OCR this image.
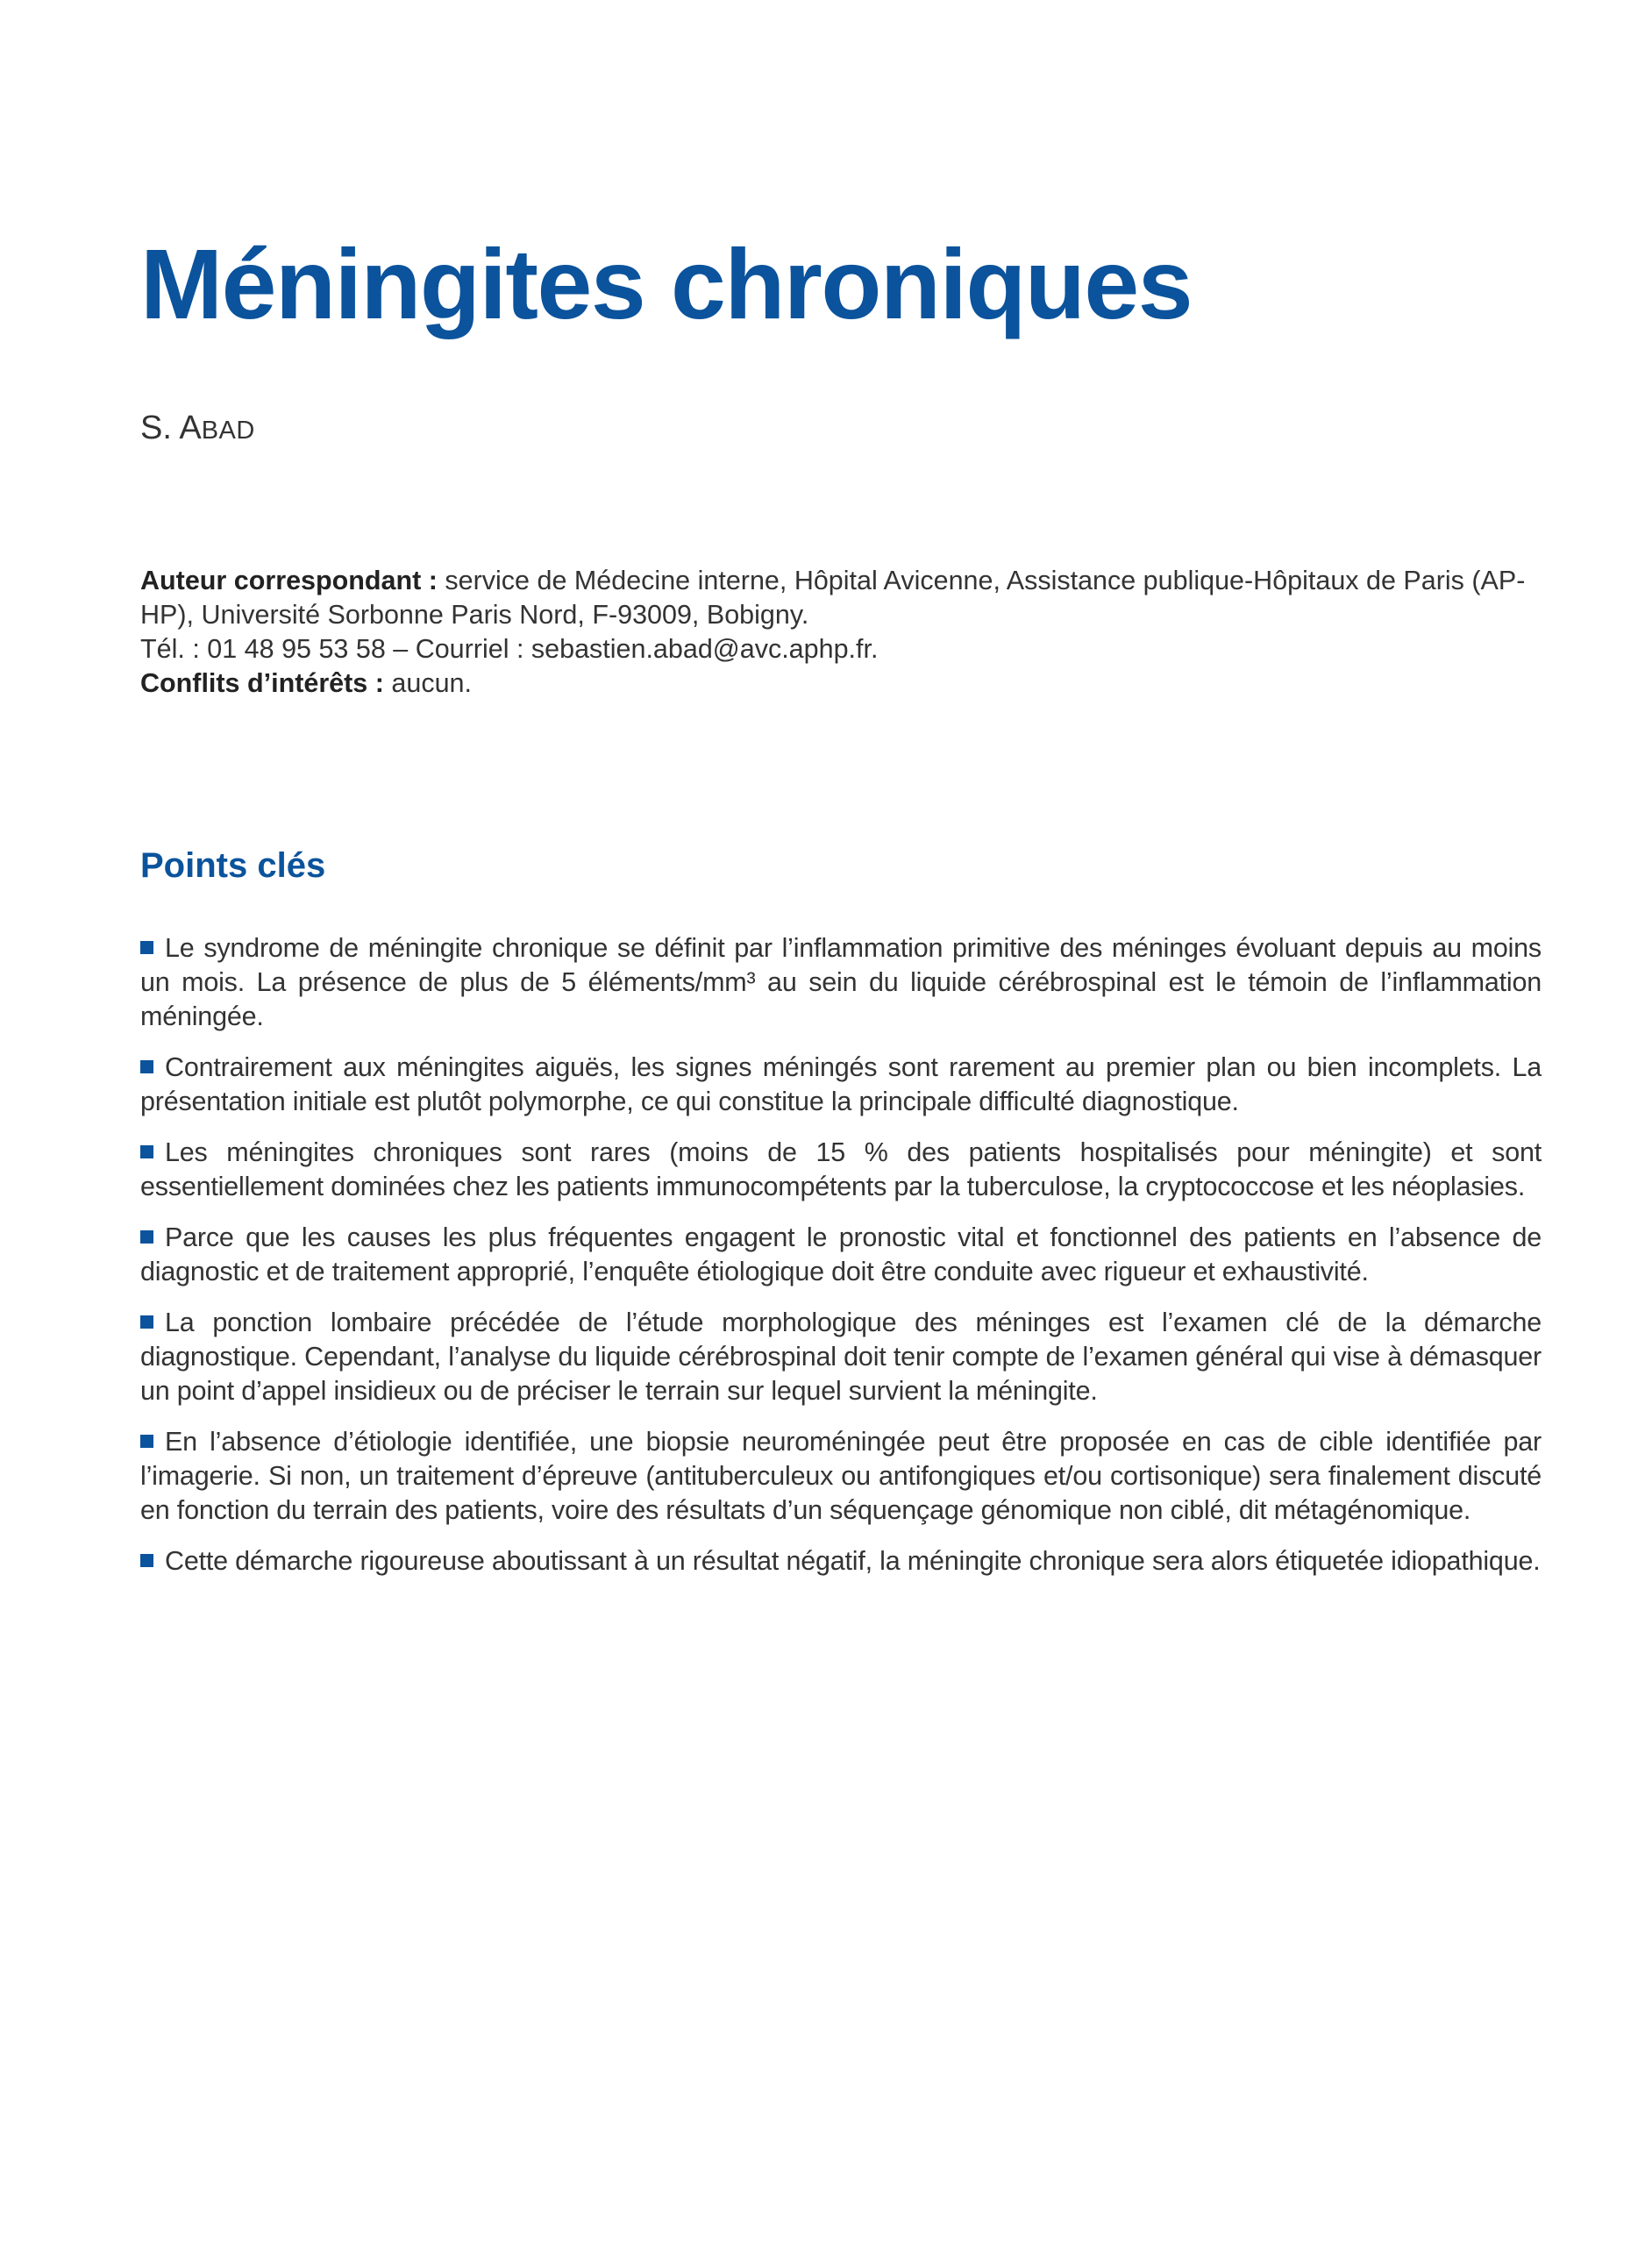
Méningites chroniques

S. ABAD

Auteur correspondant : service de Médecine interne, Hôpital Avicenne, Assistance publique-Hôpitaux de Paris (AP-HP), Université Sorbonne Paris Nord, F-93009, Bobigny.

Tél. : 01 48 95 53 58 – Courriel : sebastien.abad@avc.aphp.fr.

Conflits d’intérêts : aucun.

Points clés
Le syndrome de méningite chronique se définit par l’inflammation primitive des méninges évoluant depuis au moins un mois. La présence de plus de 5 éléments/mm³ au sein du liquide cérébrospinal est le témoin de l’inflammation méningée.
Contrairement aux méningites aiguës, les signes méningés sont rarement au premier plan ou bien incomplets. La présentation initiale est plutôt polymorphe, ce qui constitue la principale difficulté diagnostique.
Les méningites chroniques sont rares (moins de 15 % des patients hospitalisés pour méningite) et sont essentiellement dominées chez les patients immunocompétents par la tuberculose, la cryptococcose et les néoplasies.
Parce que les causes les plus fréquentes engagent le pronostic vital et fonctionnel des patients en l’absence de diagnostic et de traitement approprié, l’enquête étiologique doit être conduite avec rigueur et exhaustivité.
La ponction lombaire précédée de l’étude morphologique des méninges est l’examen clé de la démarche diagnostique. Cependant, l’analyse du liquide cérébrospinal doit tenir compte de l’examen général qui vise à démasquer un point d’appel insidieux ou de préciser le terrain sur lequel survient la méningite.
En l’absence d’étiologie identifiée, une biopsie neuroméningée peut être proposée en cas de cible identifiée par l’imagerie. Si non, un traitement d’épreuve (antituberculeux ou antifongiques et/ou cortisonique) sera finalement discuté en fonction du terrain des patients, voire des résultats d’un séquençage génomique non ciblé, dit métagénomique.
Cette démarche rigoureuse aboutissant à un résultat négatif, la méningite chronique sera alors étiquetée idiopathique.
